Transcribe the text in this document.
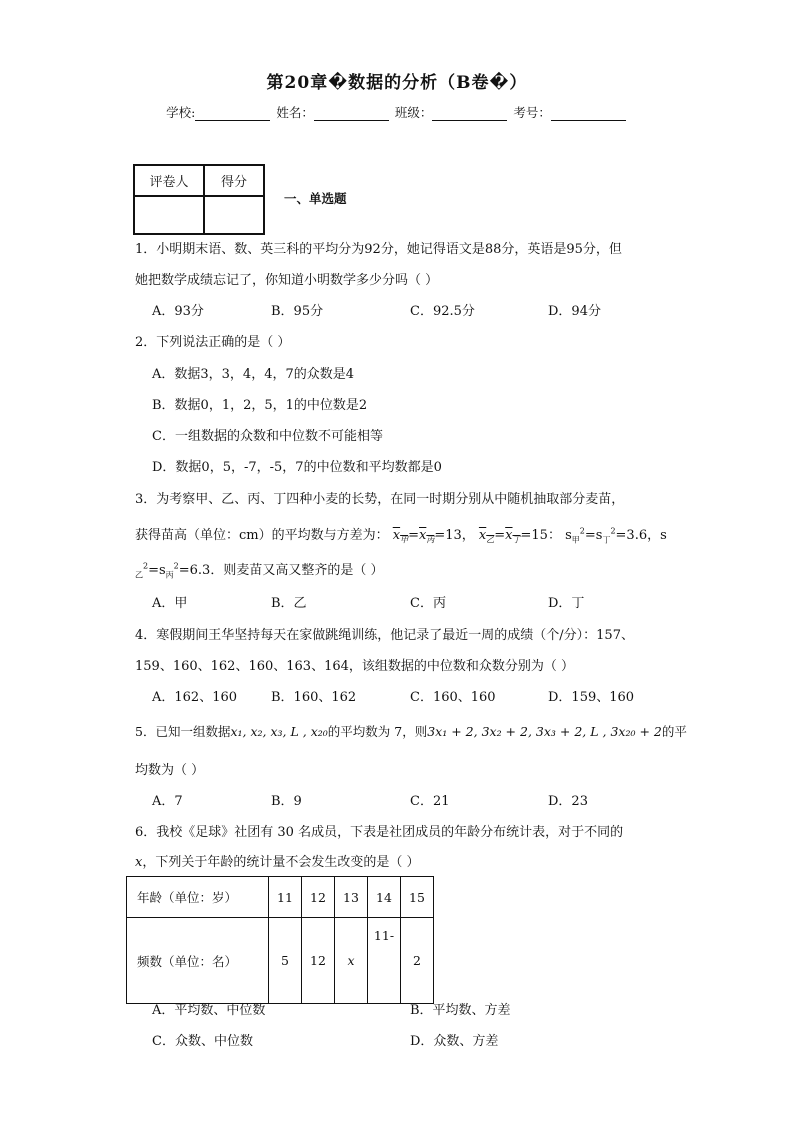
第20章�数据的分析（B卷�）
学校:	姓名：	班级：	考号：
评卷人	得分

一、单选题
1．小明期末语、数、英三科的平均分为92分，她记得语文是88分，英语是95分，但
她把数学成绩忘记了，你知道小明数学多少分吗（ ）
A．93分	B．95分	C．92.5分	D．94分
2．下列说法正确的是（ ）
A．数据3，3，4，4，7的众数是4
B．数据0，1，2，5，1的中位数是2
C．一组数据的众数和中位数不可能相等
D．数据0，5，-7，-5，7的中位数和平均数都是0
3．为考察甲、乙、丙、丁四种小麦的长势，在同一时期分别从中随机抽取部分麦苗，
获得苗高（单位：cm）的平均数与方差为： $x_甲=x_丙=13$， $x_乙=x_丁=15$： $s_甲^2=s_丁^2=3.6$，s
$_乙^2=s_丙^2=6.3$．则麦苗又高又整齐的是（ ）
A．甲	B．乙	C．丙	D．丁
4．寒假期间王华坚持每天在家做跳绳训练，他记录了最近一周的成绩（个/分）：157、
159、160、162、160、163、164，该组数据的中位数和众数分别为（ ）
A．162、160	B．160、162	C．160、160	D．159、160
5．已知一组数据x₁, x₂, x₃, L , x₂₀的平均数为 7，则3x₁ + 2, 3x₂ + 2, 3x₃ + 2, L , 3x₂₀ + 2的平
均数为（ ）
A．7	B．9	C．21	D．23
6．我校《足球》社团有 30 名成员，下表是社团成员的年龄分布统计表，对于不同的
x，下列关于年龄的统计量不会发生改变的是（ ）
年龄（单位：岁）	11	12	13	14	15
频数（单位：名）	5	12	x	11-	2
A．平均数、中位数	B．平均数、方差
C．众数、中位数	D．众数、方差
